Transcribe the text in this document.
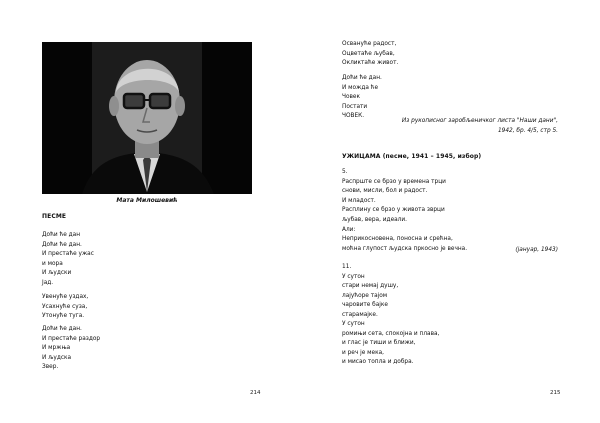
Мата Милошевић
ПЕСМЕ
Доћи ће дан
Доћи ће дан.
И престаће ужас
и мора
И људски
Јад.
Увенуће уздах,
Усахнуће суза,
Утонуће туга.
Доћи ће дан.
И престаће раздор
И мржња
И људска
Звер.
214
Осванућe радост,
Оцвeтаће љубав,
Окликтаће живот.
Доћи ће дан.
И можда ће
Човек
Постати
ЧОВЕК.
Из рукописног заробљеничког листа "Наши дани",
1942, бр. 4/5, стр 5.
УЖИЦАМА (песме, 1941 – 1945, избор)
5.
Распрште се брзо у времена трци
снови, мисли, бол и радост.
И младост.
Расплину се брзо у живота зврци
љубав, вера, идеали.
Али:
Неприкосновена, поносна и срећна,
моћна глупост људска пркосно је вечна.	(јануар, 1943)
11.
У сутон
стари немај душу,
лајућоре тајом
чаровите бајке
старамајке.
У сутон
ромињи сета, спокојна и плава,
и глас је тиши и ближи,
и реч је мека,
и мисао топла и добра.
215
